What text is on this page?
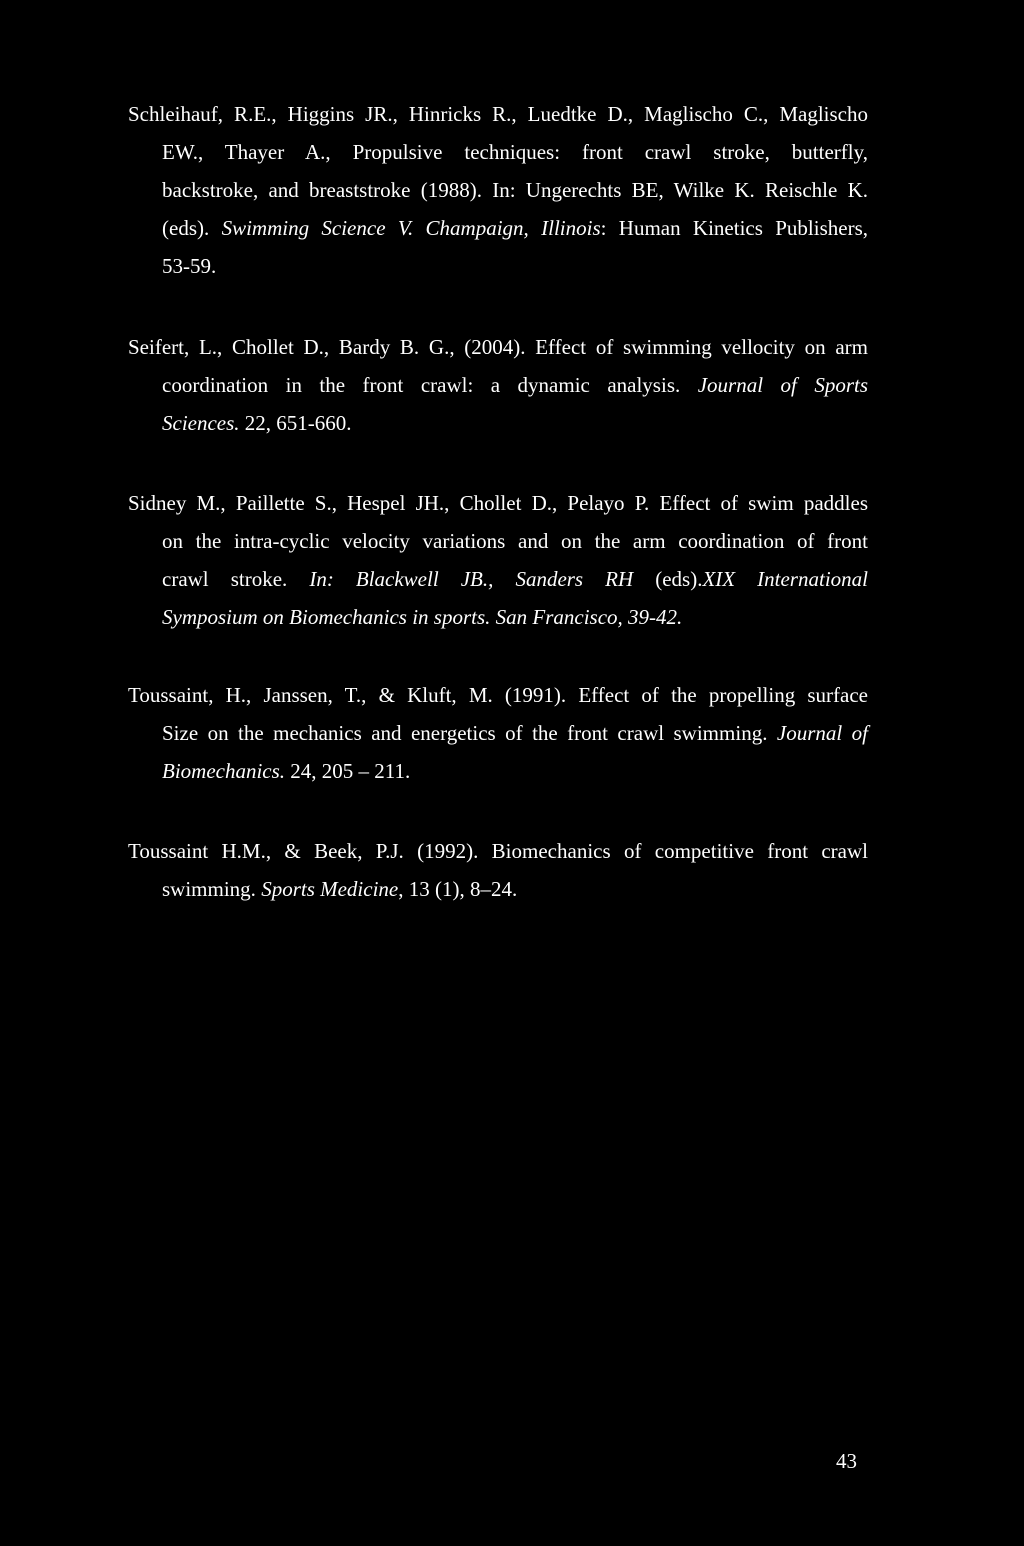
Schleihauf, R.E., Higgins JR., Hinricks R., Luedtke D., Maglischo C., Maglischo
EW., Thayer A., Propulsive techniques: front crawl stroke, butterfly,
backstroke, and breaststroke (1988). In: Ungerechts BE, Wilke K. Reischle K.
(eds). Swimming Science V. Champaign, Illinois: Human Kinetics Publishers,
53-59.
Seifert, L., Chollet D., Bardy B. G., (2004). Effect of swimming vellocity on arm
coordination in the front crawl: a dynamic analysis. Journal of Sports
Sciences. 22, 651-660.
Sidney M., Paillette S., Hespel JH., Chollet D., Pelayo P. Effect of swim paddles
on the intra-cyclic velocity variations and on the arm coordination of front
crawl stroke. In: Blackwell JB., Sanders RH (eds).XIX International
Symposium on Biomechanics in sports. San Francisco, 39-42.
Toussaint, H., Janssen, T., & Kluft, M. (1991). Effect of the propelling surface
Size on the mechanics and energetics of the front crawl swimming. Journal of
Biomechanics. 24, 205 – 211.
Toussaint H.M., & Beek, P.J. (1992). Biomechanics of competitive front crawl
swimming. Sports Medicine, 13 (1), 8–24.
43
